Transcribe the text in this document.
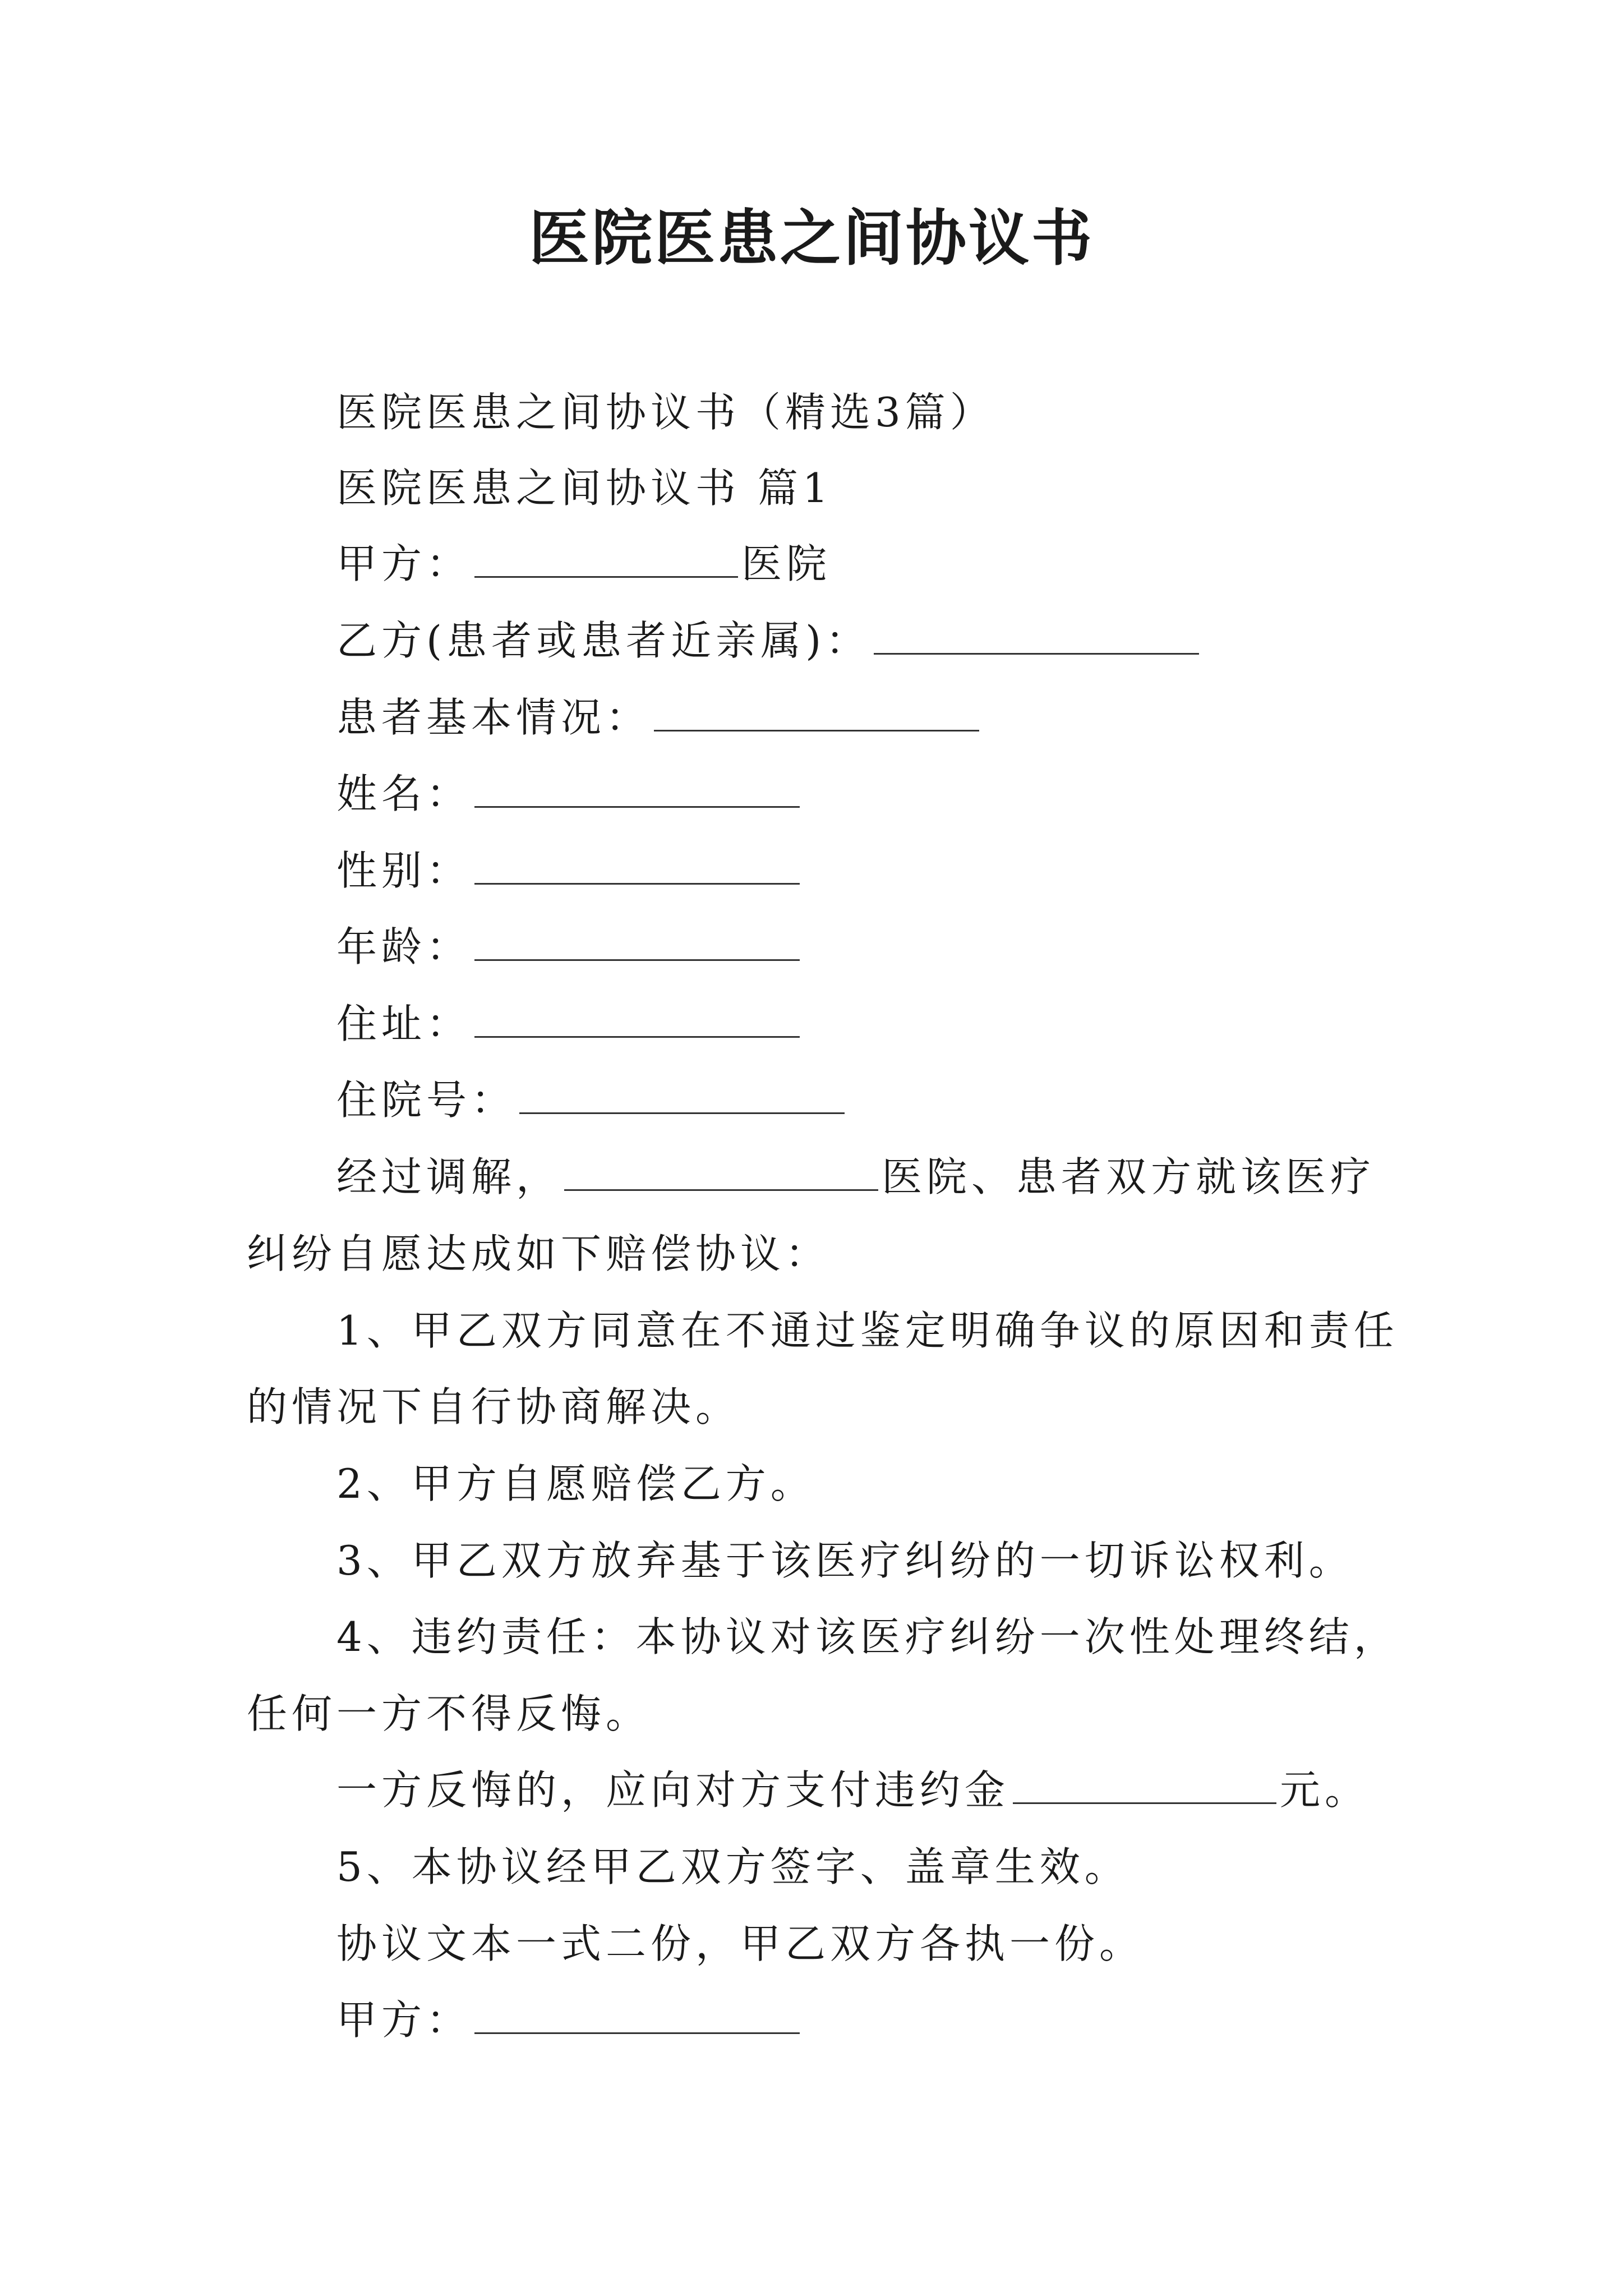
医院医患之间协议书
医院医患之间协议书（精选3篇）
医院医患之间协议书 篇1
甲方：	医院
乙方(患者或患者近亲属)：
患者基本情况：
姓名：
性别：
年龄：
住址：
住院号：
经过调解，	医院、患者双方就该医疗
纠纷自愿达成如下赔偿协议：
1、甲乙双方同意在不通过鉴定明确争议的原因和责任
的情况下自行协商解决。
2、甲方自愿赔偿乙方。
3、甲乙双方放弃基于该医疗纠纷的一切诉讼权利。
4、违约责任：本协议对该医疗纠纷一次性处理终结，
任何一方不得反悔。
一方反悔的，应向对方支付违约金	元。
5、本协议经甲乙双方签字、盖章生效。
协议文本一式二份，甲乙双方各执一份。
甲方：
